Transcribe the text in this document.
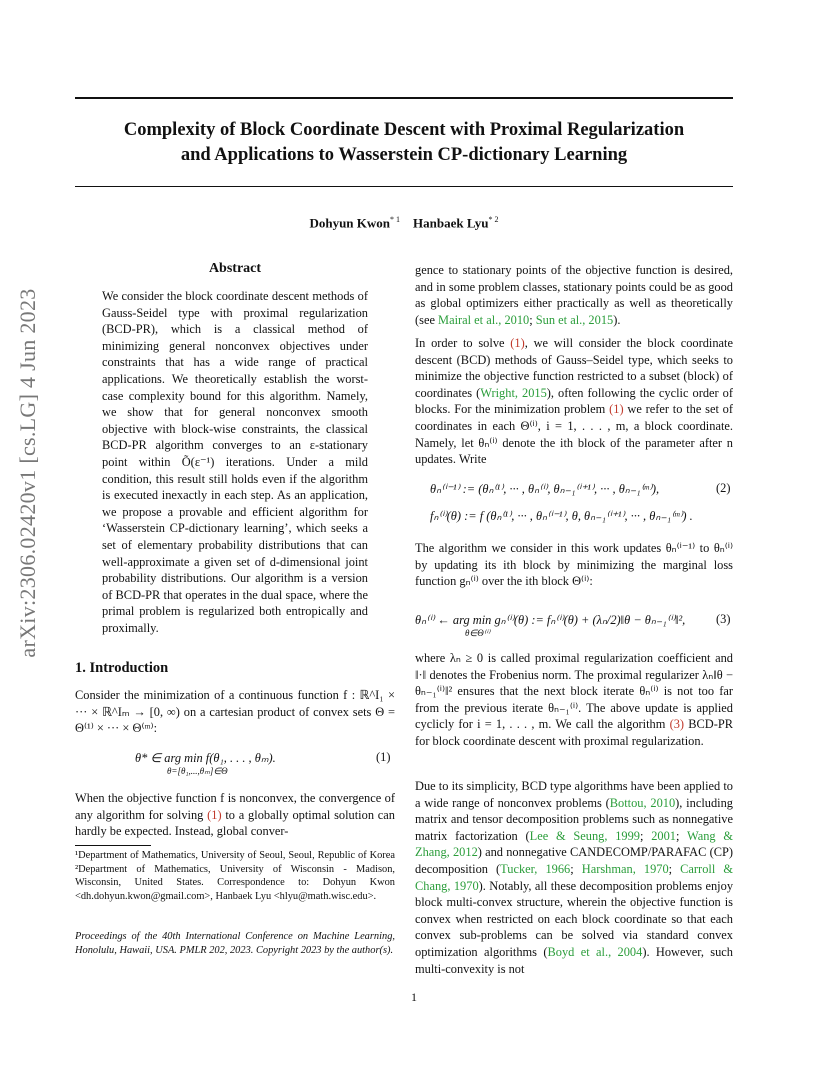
Complexity of Block Coordinate Descent with Proximal Regularization
and Applications to Wasserstein CP-dictionary Learning
Dohyun Kwon$^{* 1}$ Hanbaek Lyu$^{* 2}$
arXiv:2306.02420v1 [cs.LG] 4 Jun 2023
Abstract

We consider the block coordinate descent methods of Gauss-Seidel type with proximal regularization (BCD-PR), which is a classical method of minimizing general nonconvex objectives under constraints that has a wide range of practical applications. We theoretically establish the worst-case complexity bound for this algorithm. Namely, we show that for general nonconvex smooth objective with block-wise constraints, the classical BCD-PR algorithm converges to an ε-stationary point within Õ(ε⁻¹) iterations. Under a mild condition, this result still holds even if the algorithm is executed inexactly in each step. As an application, we propose a provable and efficient algorithm for ‘Wasserstein CP-dictionary learning’, which seeks a set of elementary probability distributions that can well-approximate a given set of d-dimensional joint probability distributions. Our algorithm is a version of BCD-PR that operates in the dual space, where the primal problem is regularized both entropically and proximally.

1. Introduction

Consider the minimization of a continuous function f : ℝ^I₁ × ··· × ℝ^Iₘ → [0, ∞) on a cartesian product of convex sets Θ = Θ⁽¹⁾ × ··· × Θ⁽ᵐ⁾:

θ* ∈ arg min f(θ₁, . . . , θₘ).
θ=[θ₁,...,θₘ]∈Θ
(1)

When the objective function f is nonconvex, the convergence of any algorithm for solving (1) to a globally optimal solution can hardly be expected. Instead, global conver-

¹Department of Mathematics, University of Seoul, Seoul, Republic of Korea ²Department of Mathematics, University of Wisconsin - Madison, Wisconsin, United States. Correspondence to: Dohyun Kwon <dh.dohyun.kwon@gmail.com>, Hanbaek Lyu <hlyu@math.wisc.edu>.
Proceedings of the 40th International Conference on Machine Learning, Honolulu, Hawaii, USA. PMLR 202, 2023. Copyright 2023 by the author(s).

gence to stationary points of the objective function is desired, and in some problem classes, stationary points could be as good as global optimizers either practically as well as theoretically (see Mairal et al., 2010; Sun et al., 2015).

In order to solve (1), we will consider the block coordinate descent (BCD) methods of Gauss–Seidel type, which seeks to minimize the objective function restricted to a subset (block) of coordinates (Wright, 2015), often following the cyclic order of blocks. For the minimization problem (1) we refer to the set of coordinates in each Θ⁽ⁱ⁾, i = 1, . . . , m, a block coordinate. Namely, let θₙ⁽ⁱ⁾ denote the ith block of the parameter after n updates. Write

θₙ⁽ⁱ⁻¹⁾ := (θₙ⁽¹⁾, ··· , θₙ⁽ⁱ⁾, θₙ₋₁⁽ⁱ⁺¹⁾, ··· , θₙ₋₁⁽ᵐ⁾),
fₙ⁽ⁱ⁾(θ) := f (θₙ⁽¹⁾, ··· , θₙ⁽ⁱ⁻¹⁾, θ, θₙ₋₁⁽ⁱ⁺¹⁾, ··· , θₙ₋₁⁽ᵐ⁾) .
(2)

The algorithm we consider in this work updates θₙ⁽ⁱ⁻¹⁾ to θₙ⁽ⁱ⁾ by updating its ith block by minimizing the marginal loss function gₙ⁽ⁱ⁾ over the ith block Θ⁽ⁱ⁾:

θₙ⁽ⁱ⁾ ← arg min gₙ⁽ⁱ⁾(θ) := fₙ⁽ⁱ⁾(θ) + (λₙ/2)‖θ − θₙ₋₁⁽ⁱ⁾‖²,
θ∈Θ⁽ⁱ⁾
(3)

where λₙ ≥ 0 is called proximal regularization coefficient and ‖·‖ denotes the Frobenius norm. The proximal regularizer λₙ‖θ − θₙ₋₁⁽ⁱ⁾‖² ensures that the next block iterate θₙ⁽ⁱ⁾ is not too far from the previous iterate θₙ₋₁⁽ⁱ⁾. The above update is applied cyclicly for i = 1, . . . , m. We call the algorithm (3) BCD-PR for block coordinate descent with proximal regularization.

Due to its simplicity, BCD type algorithms have been applied to a wide range of nonconvex problems (Bottou, 2010), including matrix and tensor decomposition problems such as nonnegative matrix factorization (Lee & Seung, 1999; 2001; Wang & Zhang, 2012) and nonnegative CANDECOMP/PARAFAC (CP) decomposition (Tucker, 1966; Harshman, 1970; Carroll & Chang, 1970). Notably, all these decomposition problems enjoy block multi-convex structure, wherein the objective function is convex when restricted on each block coordinate so that each convex sub-problems can be solved via standard convex optimization algorithms (Boyd et al., 2004). However, such multi-convexity is not

1
